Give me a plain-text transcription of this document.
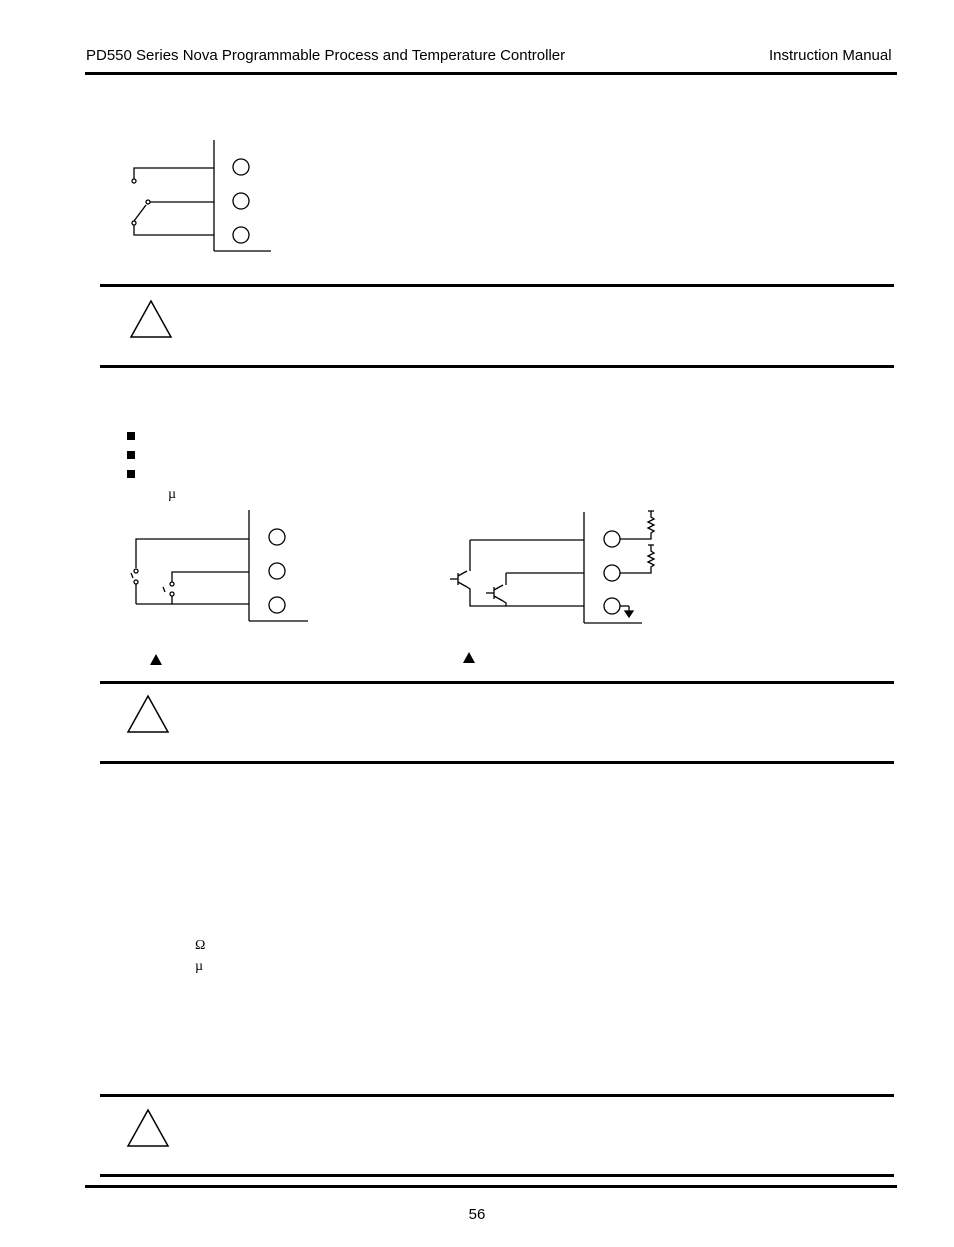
PD550 Series Nova Programmable Process and Temperature Controller	Instruction Manual
µ
Ω
µ
56
